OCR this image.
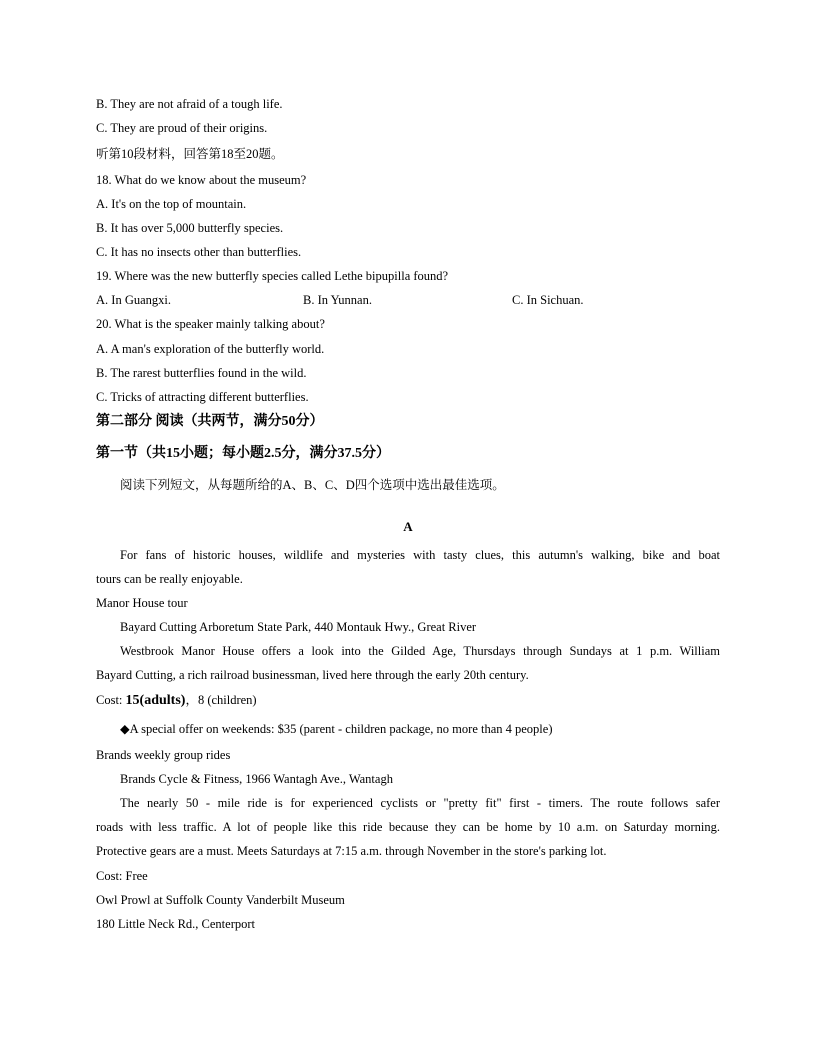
B. They are not afraid of a tough life.
C. They are proud of their origins.
听第10段材料，回答第18至20题。
18. What do we know about the museum?
A. It's on the top of mountain.
B. It has over 5,000 butterfly species.
C. It has no insects other than butterflies.
19. Where was the new butterfly species called Lethe bipupilla found?
A. In Guangxi.	B. In Yunnan.	C. In Sichuan.
20. What is the speaker mainly talking about?
A. A man's exploration of the butterfly world.
B. The rarest butterflies found in the wild.
C. Tricks of attracting different butterflies.
第二部分 阅读（共两节，满分50分）
第一节（共15小题；每小题2.5分，满分37.5分）
阅读下列短文，从每题所给的A、B、C、D四个选项中选出最佳选项。
A
For fans of historic houses, wildlife and mysteries with tasty clues, this autumn's walking, bike and boat
tours can be really enjoyable.
Manor House tour
Bayard Cutting Arboretum State Park, 440 Montauk Hwy., Great River
Westbrook Manor House offers a look into the Gilded Age, Thursdays through Sundays at 1 p.m. William
Bayard Cutting, a rich railroad businessman, lived here through the early 20th century.
Cost: 15(adults)，8 (children)
◆A special offer on weekends: $35 (parent - children package, no more than 4 people)
Brands weekly group rides
Brands Cycle & Fitness, 1966 Wantagh Ave., Wantagh
The nearly 50 - mile ride is for experienced cyclists or "pretty fit" first - timers. The route follows safer
roads with less traffic. A lot of people like this ride because they can be home by 10 a.m. on Saturday morning.
Protective gears are a must. Meets Saturdays at 7:15 a.m. through November in the store's parking lot.
Cost: Free
Owl Prowl at Suffolk County Vanderbilt Museum
180 Little Neck Rd., Centerport
